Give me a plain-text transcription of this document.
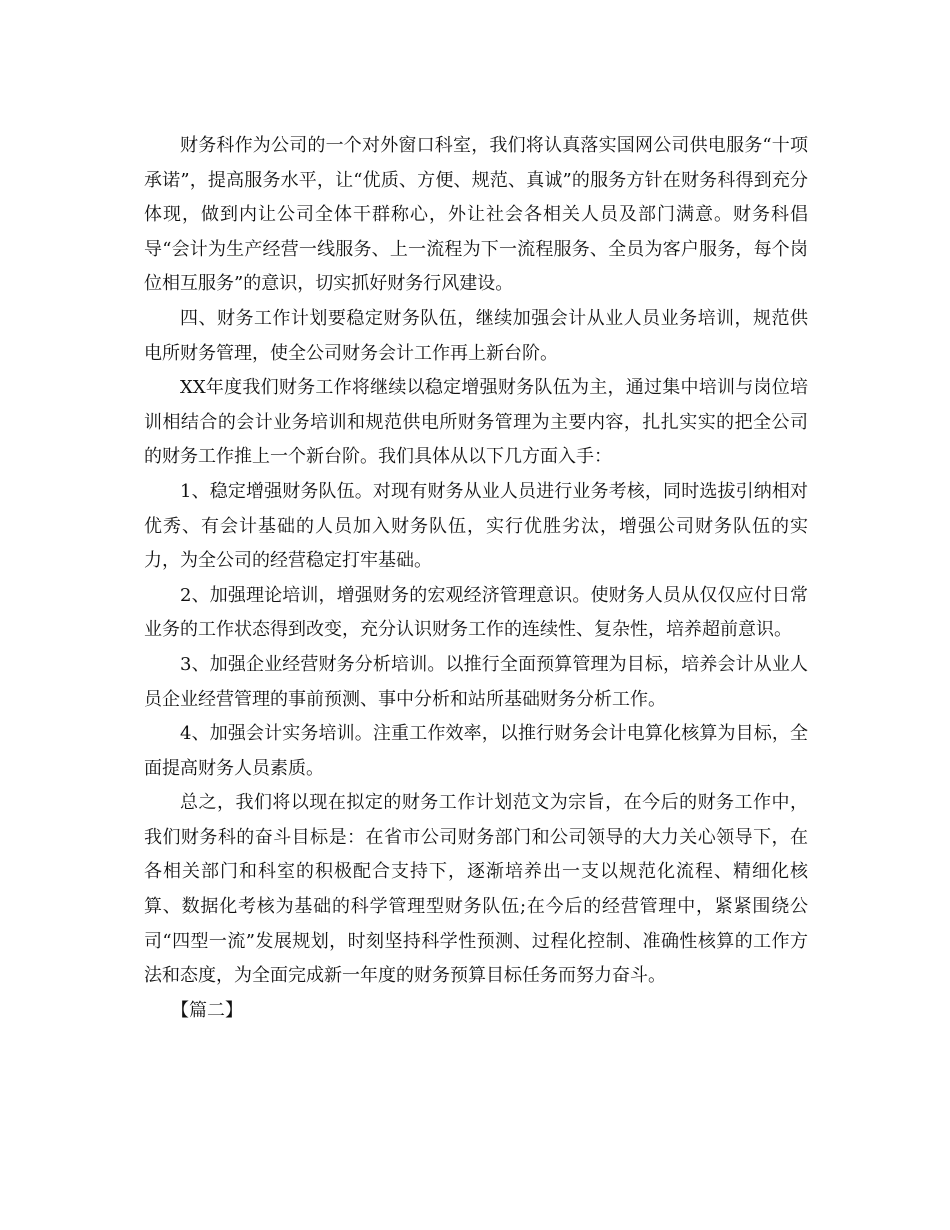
财务科作为公司的一个对外窗口科室，我们将认真落实国网公司供电服务“十项承诺”，提高服务水平，让“优质、方便、规范、真诚”的服务方针在财务科得到充分体现，做到内让公司全体干群称心，外让社会各相关人员及部门满意。财务科倡导“会计为生产经营一线服务、上一流程为下一流程服务、全员为客户服务，每个岗位相互服务”的意识，切实抓好财务行风建设。

四、财务工作计划要稳定财务队伍，继续加强会计从业人员业务培训，规范供电所财务管理，使全公司财务会计工作再上新台阶。

XX年度我们财务工作将继续以稳定增强财务队伍为主，通过集中培训与岗位培训相结合的会计业务培训和规范供电所财务管理为主要内容，扎扎实实的把全公司的财务工作推上一个新台阶。我们具体从以下几方面入手：

1、稳定增强财务队伍。对现有财务从业人员进行业务考核，同时选拔引纳相对优秀、有会计基础的人员加入财务队伍，实行优胜劣汰，增强公司财务队伍的实力，为全公司的经营稳定打牢基础。

2、加强理论培训，增强财务的宏观经济管理意识。使财务人员从仅仅应付日常业务的工作状态得到改变，充分认识财务工作的连续性、复杂性，培养超前意识。

3、加强企业经营财务分析培训。以推行全面预算管理为目标，培养会计从业人员企业经营管理的事前预测、事中分析和站所基础财务分析工作。

4、加强会计实务培训。注重工作效率，以推行财务会计电算化核算为目标，全面提高财务人员素质。

总之，我们将以现在拟定的财务工作计划范文为宗旨，在今后的财务工作中，我们财务科的奋斗目标是：在省市公司财务部门和公司领导的大力关心领导下，在各相关部门和科室的积极配合支持下，逐渐培养出一支以规范化流程、精细化核算、数据化考核为基础的科学管理型财务队伍;在今后的经营管理中，紧紧围绕公司“四型一流”发展规划，时刻坚持科学性预测、过程化控制、准确性核算的工作方法和态度，为全面完成新一年度的财务预算目标任务而努力奋斗。

【篇二】
